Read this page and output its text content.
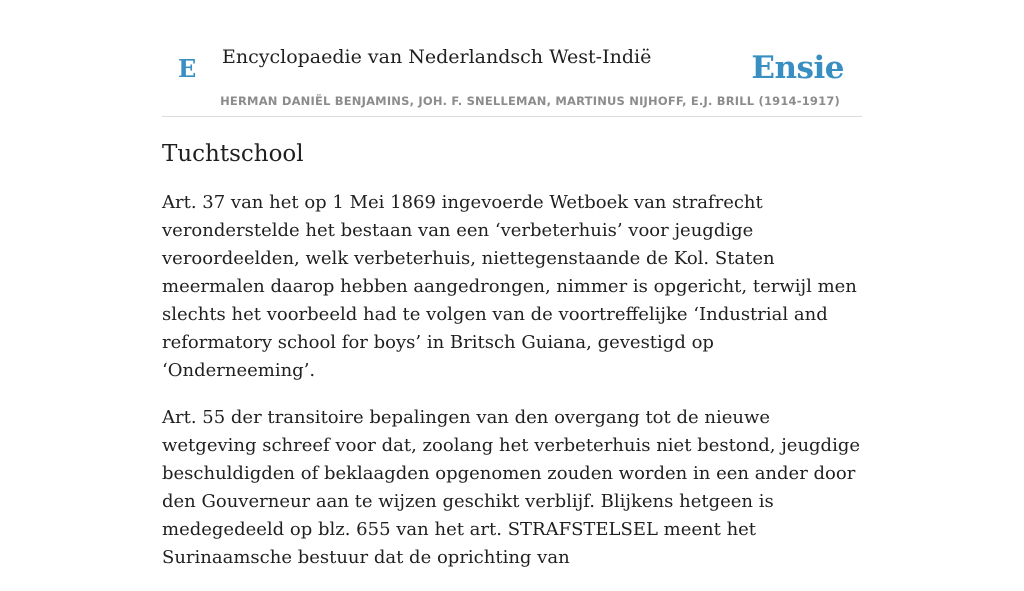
E Encyclopaedie van Nederlandsch West-Indië	Ensie
HERMAN DANIËL BENJAMINS, JOH. F. SNELLEMAN, MARTINUS NIJHOFF, E.J. BRILL (1914-1917)
Tuchtschool

Art. 37 van het op 1 Mei 1869 ingevoerde Wetboek van strafrecht veronderstelde het bestaan van een ‘verbeterhuis’ voor jeugdige veroordeelden, welk verbeterhuis, niettegenstaande de Kol. Staten meermalen daarop hebben aangedrongen, nimmer is opgericht, terwijl men slechts het voorbeeld had te volgen van de voortreffelijke ‘Industrial and reformatory school for boys’ in Britsch Guiana, gevestigd op ‘Onderneeming’.

Art. 55 der transitoire bepalingen van den overgang tot de nieuwe wetgeving schreef voor dat, zoolang het verbeterhuis niet bestond, jeugdige beschuldigden of beklaagden opgenomen zouden worden in een ander door den Gouverneur aan te wijzen geschikt verblijf. Blijkens hetgeen is medegedeeld op blz. 655 van het art. STRAFSTELSEL meent het Surinaamsche bestuur dat de oprichting van
